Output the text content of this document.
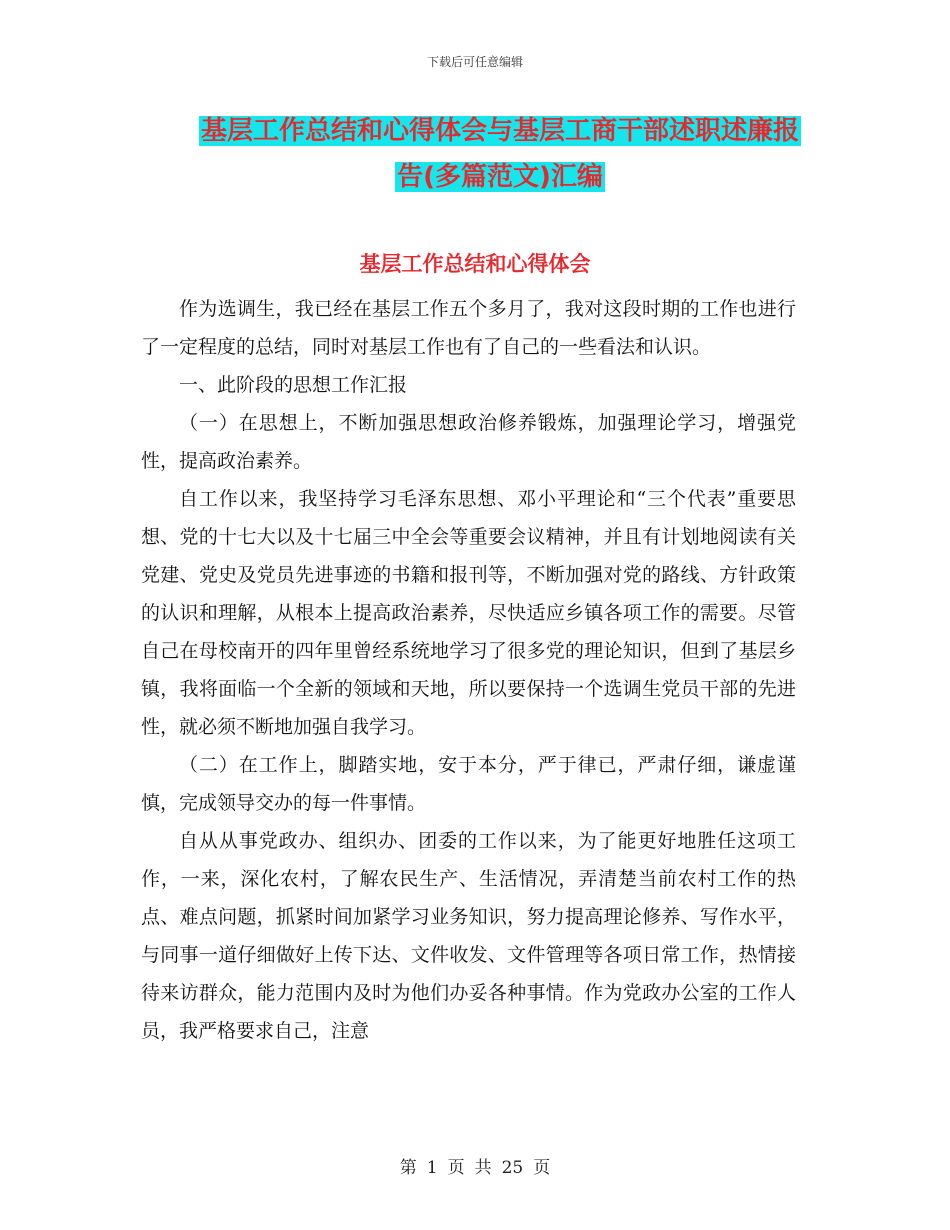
下载后可任意编辑
基层工作总结和心得体会与基层工商干部述职述廉报
告(多篇范文)汇编
基层工作总结和心得体会

作为选调生，我已经在基层工作五个多月了，我对这段时期的工作也进行了一定程度的总结，同时对基层工作也有了自己的一些看法和认识。

一、此阶段的思想工作汇报

（一）在思想上，不断加强思想政治修养锻炼，加强理论学习，增强党性，提高政治素养。

自工作以来，我坚持学习毛泽东思想、邓小平理论和“三个代表”重要思想、党的十七大以及十七届三中全会等重要会议精神，并且有计划地阅读有关党建、党史及党员先进事迹的书籍和报刊等，不断加强对党的路线、方针政策的认识和理解，从根本上提高政治素养，尽快适应乡镇各项工作的需要。尽管自己在母校南开的四年里曾经系统地学习了很多党的理论知识，但到了基层乡镇，我将面临一个全新的领域和天地，所以要保持一个选调生党员干部的先进性，就必须不断地加强自我学习。

（二）在工作上，脚踏实地，安于本分，严于律已，严肃仔细，谦虚谨慎，完成领导交办的每一件事情。

自从从事党政办、组织办、团委的工作以来，为了能更好地胜任这项工作，一来，深化农村，了解农民生产、生活情况，弄清楚当前农村工作的热点、难点问题，抓紧时间加紧学习业务知识，努力提高理论修养、写作水平，与同事一道仔细做好上传下达、文件收发、文件管理等各项日常工作，热情接待来访群众，能力范围内及时为他们办妥各种事情。作为党政办公室的工作人员，我严格要求自己，注意

第 1 页 共 25 页
